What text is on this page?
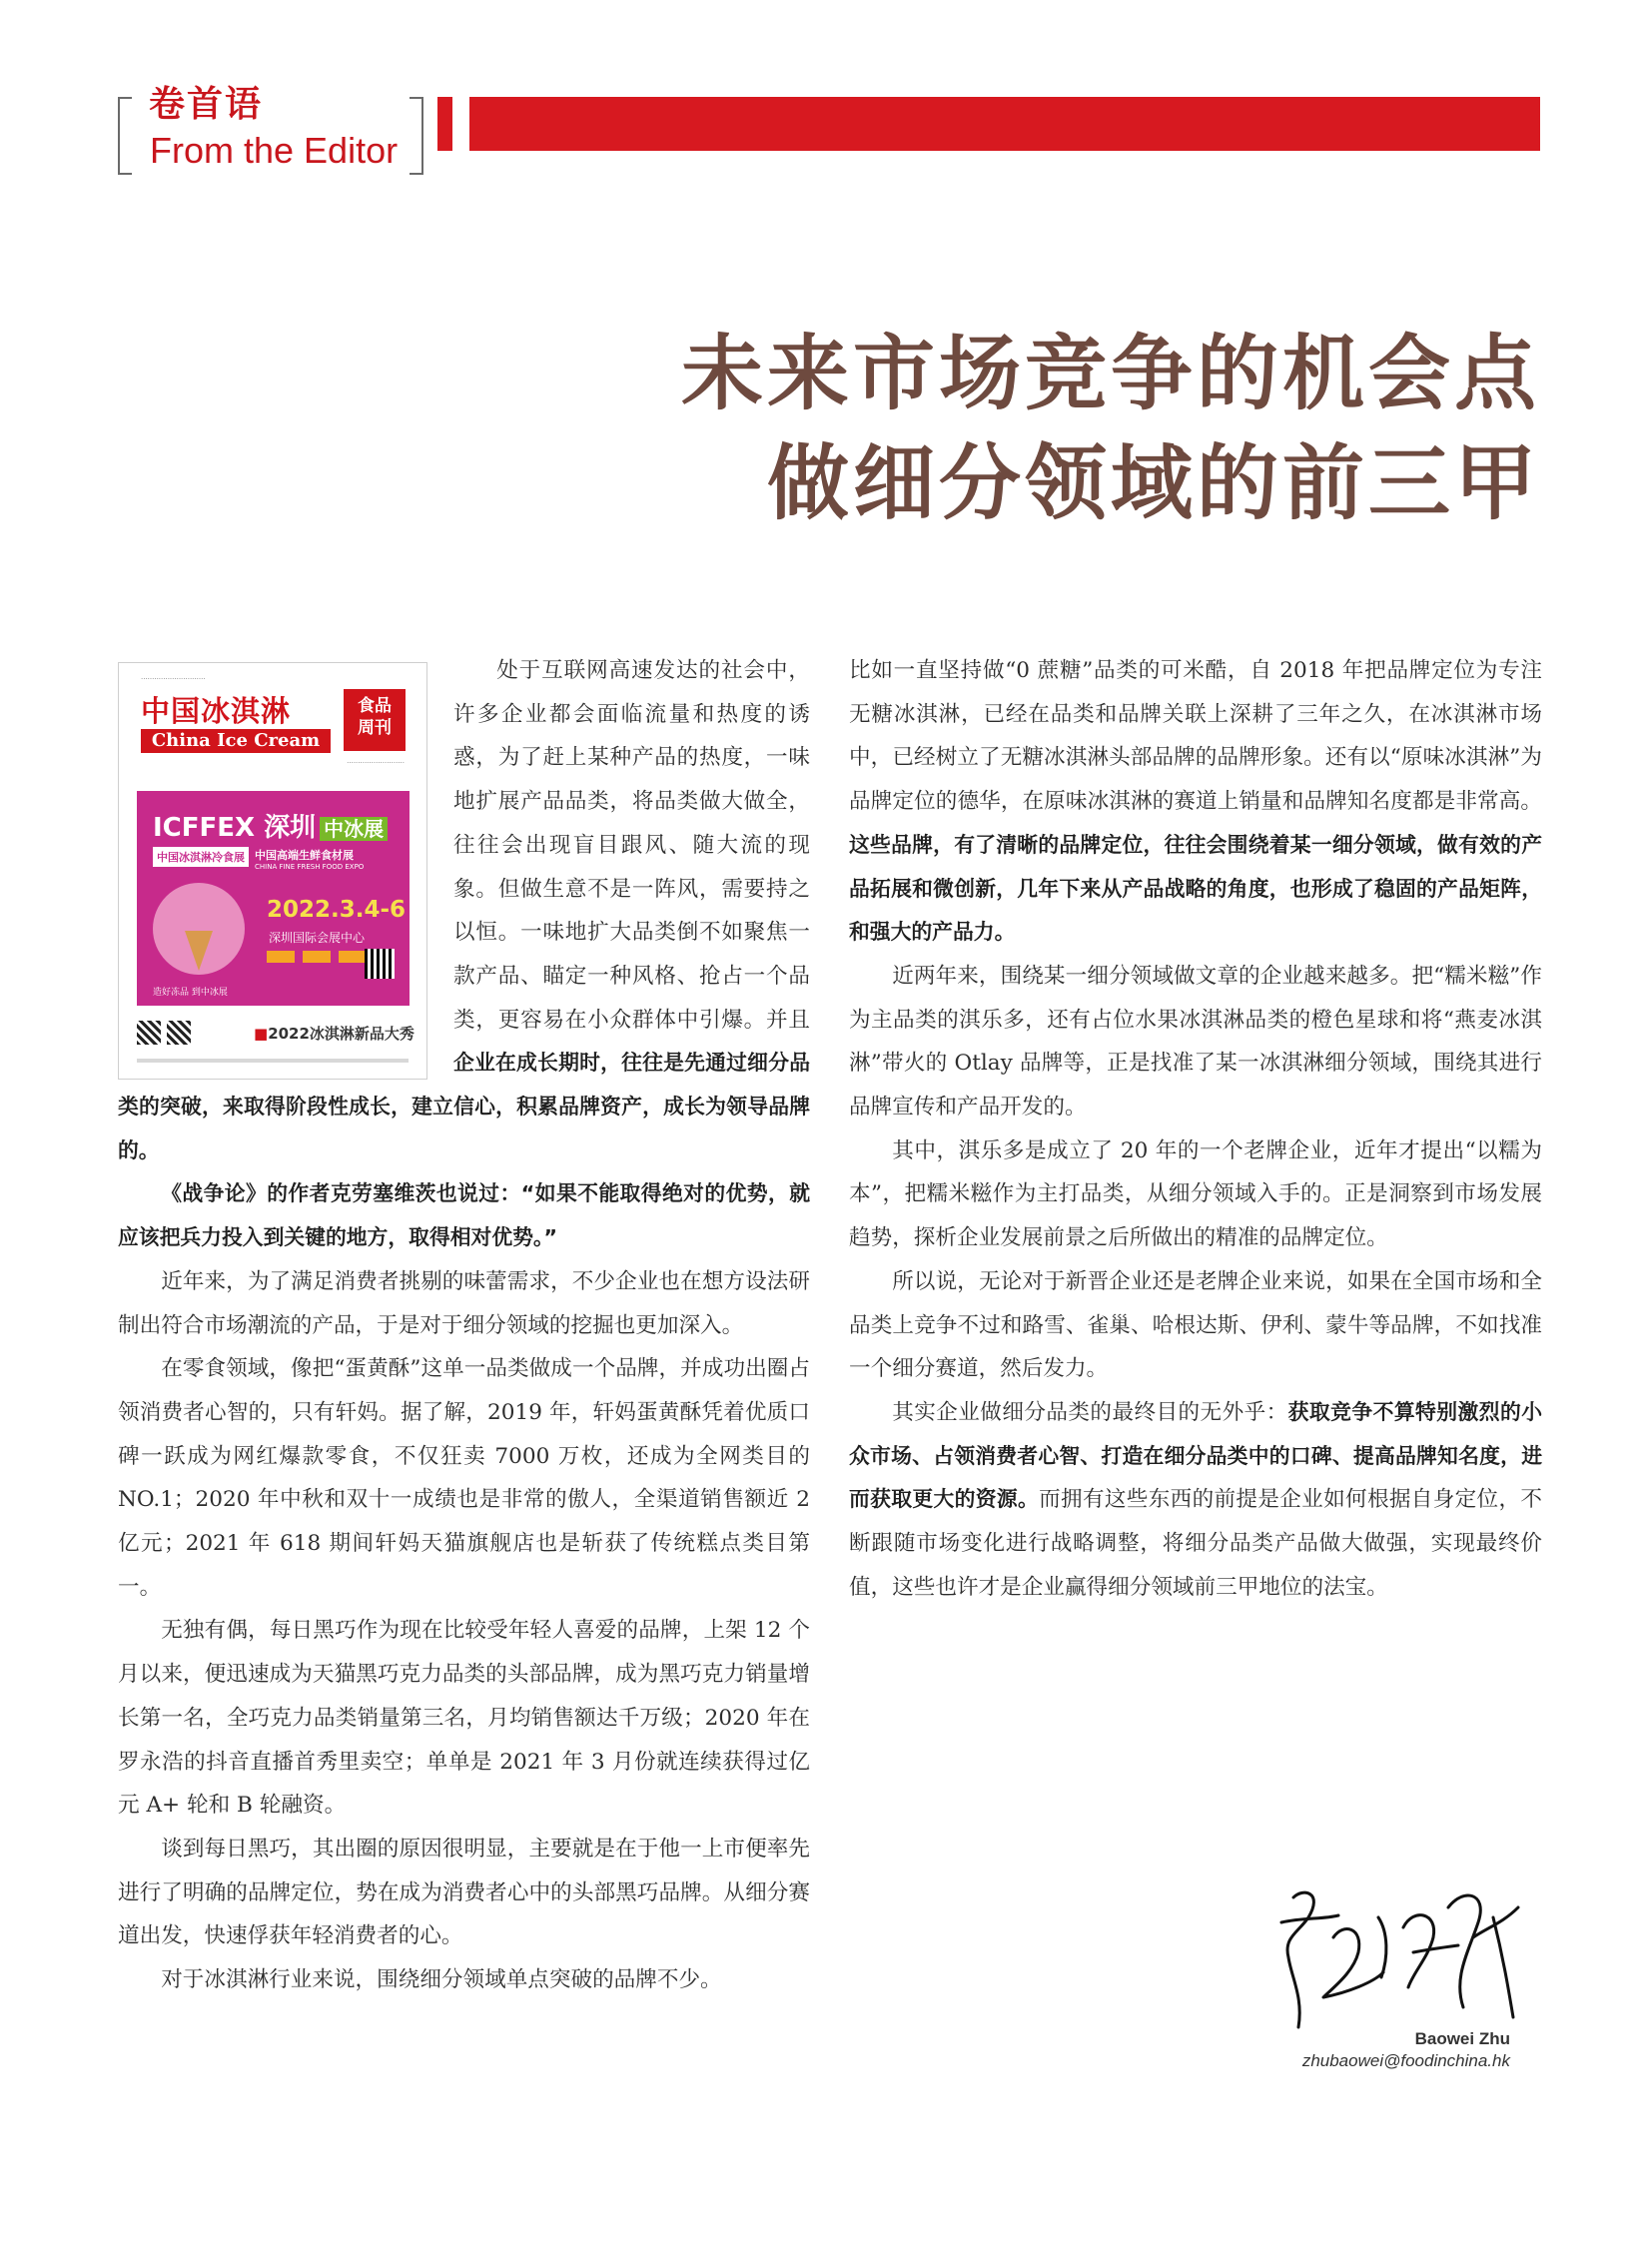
卷首语
From the Editor
未来市场竞争的机会点
做细分领域的前三甲
·····························
中国冰淇淋
China Ice Cream
食品
周刊
··························
ICFFEX 深圳 中冰展
中国冰淇淋冷食展 中国高端生鲜食材展
CHINA FINE FRESH FOOD EXPO
2022.3.4-6
深圳国际会展中心
造好冻品 到中冰展
■2022冰淇淋新品大秀

处于互联网高速发达的社会中，许多企业都会面临流量和热度的诱惑，为了赶上某种产品的热度，一味地扩展产品品类，将品类做大做全，往往会出现盲目跟风、随大流的现象。但做生意不是一阵风，需要持之以恒。一味地扩大品类倒不如聚焦一款产品、瞄定一种风格、抢占一个品类，更容易在小众群体中引爆。并且企业在成长期时，往往是先通过细分品类的突破，来取得阶段性成长，建立信心，积累品牌资产，成长为领导品牌的。

《战争论》的作者克劳塞维茨也说过：“如果不能取得绝对的优势，就应该把兵力投入到关键的地方，取得相对优势。”

近年来，为了满足消费者挑剔的味蕾需求，不少企业也在想方设法研制出符合市场潮流的产品，于是对于细分领域的挖掘也更加深入。

在零食领域，像把“蛋黄酥”这单一品类做成一个品牌，并成功出圈占领消费者心智的，只有轩妈。据了解，2019 年，轩妈蛋黄酥凭着优质口碑一跃成为网红爆款零食，不仅狂卖 7000 万枚，还成为全网类目的 NO.1；2020 年中秋和双十一成绩也是非常的傲人，全渠道销售额近 2 亿元；2021 年 618 期间轩妈天猫旗舰店也是斩获了传统糕点类目第一。

无独有偶，每日黑巧作为现在比较受年轻人喜爱的品牌，上架 12 个月以来，便迅速成为天猫黑巧克力品类的头部品牌，成为黑巧克力销量增长第一名，全巧克力品类销量第三名，月均销售额达千万级；2020 年在罗永浩的抖音直播首秀里卖空；单单是 2021 年 3 月份就连续获得过亿元 A+ 轮和 B 轮融资。

谈到每日黑巧，其出圈的原因很明显，主要就是在于他一上市便率先进行了明确的品牌定位，势在成为消费者心中的头部黑巧品牌。从细分赛道出发，快速俘获年轻消费者的心。

对于冰淇淋行业来说，围绕细分领域单点突破的品牌不少。

比如一直坚持做“0 蔗糖”品类的可米酷，自 2018 年把品牌定位为专注无糖冰淇淋，已经在品类和品牌关联上深耕了三年之久，在冰淇淋市场中，已经树立了无糖冰淇淋头部品牌的品牌形象。还有以“原味冰淇淋”为品牌定位的德华，在原味冰淇淋的赛道上销量和品牌知名度都是非常高。这些品牌，有了清晰的品牌定位，往往会围绕着某一细分领域，做有效的产品拓展和微创新，几年下来从产品战略的角度，也形成了稳固的产品矩阵，和强大的产品力。

近两年来，围绕某一细分领域做文章的企业越来越多。把“糯米糍”作为主品类的淇乐多，还有占位水果冰淇淋品类的橙色星球和将“燕麦冰淇淋”带火的 Otlay 品牌等，正是找准了某一冰淇淋细分领域，围绕其进行品牌宣传和产品开发的。

其中，淇乐多是成立了 20 年的一个老牌企业，近年才提出“以糯为本”，把糯米糍作为主打品类，从细分领域入手的。正是洞察到市场发展趋势，探析企业发展前景之后所做出的精准的品牌定位。

所以说，无论对于新晋企业还是老牌企业来说，如果在全国市场和全品类上竞争不过和路雪、雀巢、哈根达斯、伊利、蒙牛等品牌，不如找准一个细分赛道，然后发力。

其实企业做细分品类的最终目的无外乎：获取竞争不算特别激烈的小众市场、占领消费者心智、打造在细分品类中的口碑、提高品牌知名度，进而获取更大的资源。而拥有这些东西的前提是企业如何根据自身定位，不断跟随市场变化进行战略调整，将细分品类产品做大做强，实现最终价值，这些也许才是企业赢得细分领域前三甲地位的法宝。

Baowei Zhu
zhubaowei@foodinchina.hk
